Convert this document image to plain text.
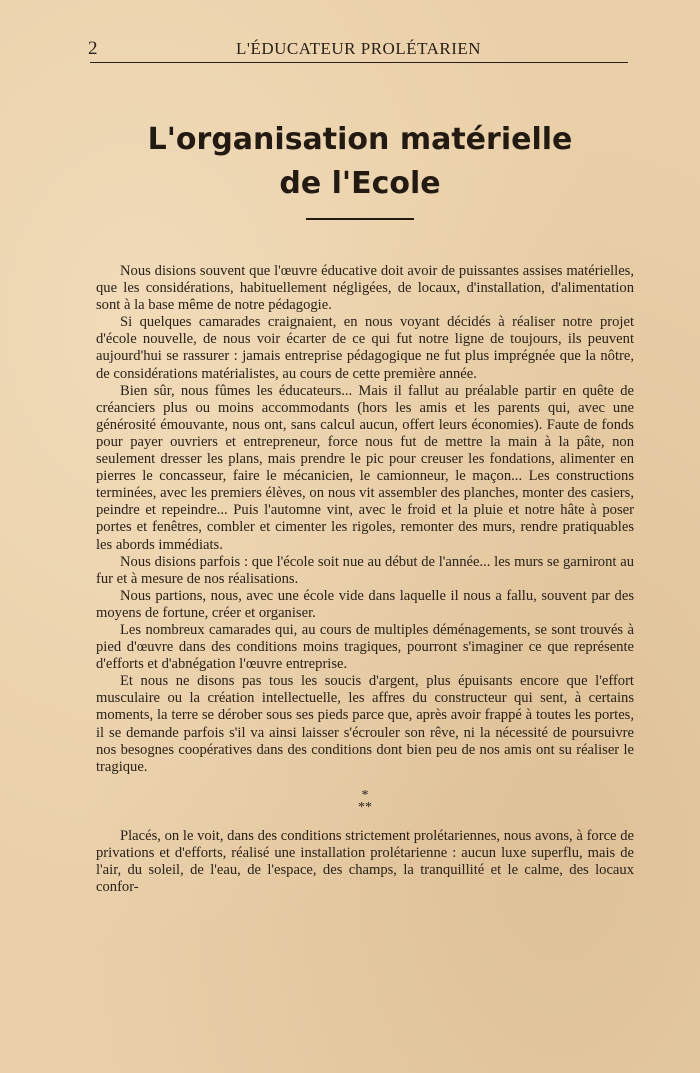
2	L'ÉDUCATEUR PROLÉTARIEN
L'organisation matérielle
de l'Ecole

Nous disions souvent que l'œuvre éducative doit avoir de puissantes assises matérielles, que les considérations, habituellement négligées, de locaux, d'installation, d'alimentation sont à la base même de notre pédagogie.

Si quelques camarades craignaient, en nous voyant décidés à réaliser notre projet d'école nouvelle, de nous voir écarter de ce qui fut notre ligne de toujours, ils peuvent aujourd'hui se rassurer : jamais entreprise pédagogique ne fut plus imprégnée que la nôtre, de considérations matérialistes, au cours de cette première année.

Bien sûr, nous fûmes les éducateurs... Mais il fallut au préalable partir en quête de créanciers plus ou moins accommodants (hors les amis et les parents qui, avec une générosité émouvante, nous ont, sans calcul aucun, offert leurs économies). Faute de fonds pour payer ouvriers et entrepreneur, force nous fut de mettre la main à la pâte, non seulement dresser les plans, mais prendre le pic pour creuser les fondations, alimenter en pierres le concasseur, faire le mécanicien, le camionneur, le maçon... Les constructions terminées, avec les premiers élèves, on nous vit assembler des planches, monter des casiers, peindre et repeindre... Puis l'automne vint, avec le froid et la pluie et notre hâte à poser portes et fenêtres, combler et cimenter les rigoles, remonter des murs, rendre pratiquables les abords immédiats.

Nous disions parfois : que l'école soit nue au début de l'année... les murs se garniront au fur et à mesure de nos réalisations.

Nous partions, nous, avec une école vide dans laquelle il nous a fallu, souvent par des moyens de fortune, créer et organiser.

Les nombreux camarades qui, au cours de multiples déménagements, se sont trouvés à pied d'œuvre dans des conditions moins tragiques, pourront s'imaginer ce que représente d'efforts et d'abnégation l'œuvre entreprise.

Et nous ne disons pas tous les soucis d'argent, plus épuisants encore que l'effort musculaire ou la création intellectuelle, les affres du constructeur qui sent, à certains moments, la terre se dérober sous ses pieds parce que, après avoir frappé à toutes les portes, il se demande parfois s'il va ainsi laisser s'écrouler son rêve, ni la nécessité de poursuivre nos besognes coopératives dans des conditions dont bien peu de nos amis ont su réaliser le tragique.

*
**

Placés, on le voit, dans des conditions strictement prolétariennes, nous avons, à force de privations et d'efforts, réalisé une installation prolétarienne : aucun luxe superflu, mais de l'air, du soleil, de l'eau, de l'espace, des champs, la tranquillité et le calme, des locaux confor-
